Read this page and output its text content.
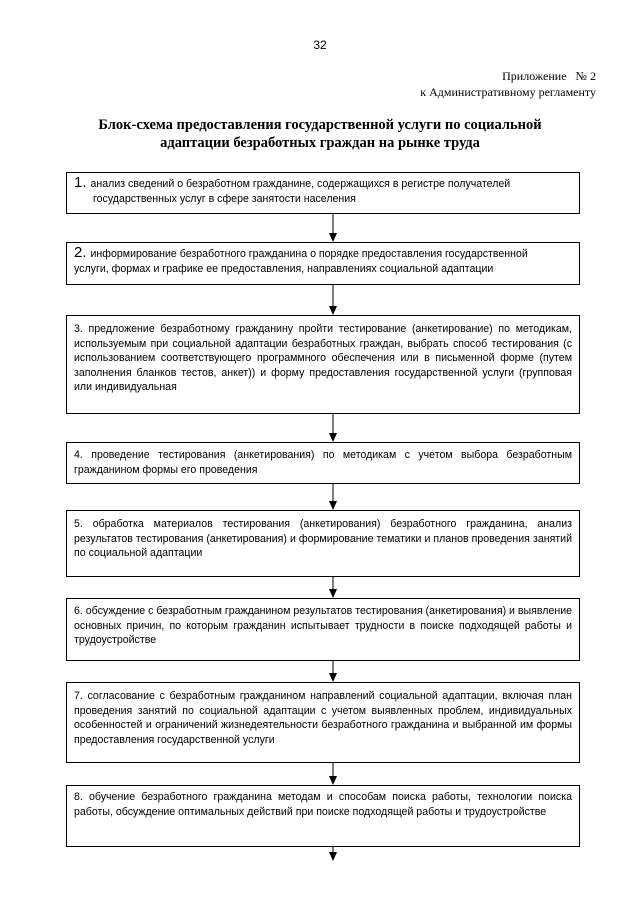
32
Приложение   № 2
к Административному регламенту
Блок-схема предоставления государственной услуги по социальной
адаптации безработных граждан на рынке труда
1. анализ сведений о безработном гражданине, содержащихся в регистре получателей
государственных услуг в сфере занятости населения
2. информирование безработного гражданина о порядке предоставления государственной
услуги, формах и графике ее предоставления, направлениях социальной адаптации
3. предложение безработному гражданину пройти тестирование (анкетирование) по методикам, используемым при социальной адаптации безработных граждан, выбрать способ тестирования (с использованием соответствующего программного обеспечения или в письменной форме (путем заполнения бланков тестов, анкет)) и форму предоставления государственной услуги (групповая или индивидуальная
4. проведение тестирования (анкетирования) по методикам с учетом выбора безработным гражданином формы его проведения
5. обработка материалов тестирования (анкетирования) безработного гражданина, анализ результатов тестирования (анкетирования) и формирование тематики и планов проведения занятий по социальной адаптации
6. обсуждение с безработным гражданином результатов тестирования (анкетирования) и выявление основных причин, по которым гражданин испытывает трудности в поиске подходящей работы и трудоустройстве
7. согласование с безработным гражданином направлений социальной адаптации, включая план проведения занятий по социальной адаптации с учетом выявленных проблем, индивидуальных особенностей и ограничений жизнедеятельности безработного гражданина и выбранной им формы предоставления государственной услуги
8. обучение безработного гражданина методам и способам поиска работы, технологии поиска работы, обсуждение оптимальных действий при поиске подходящей работы и трудоустройстве
